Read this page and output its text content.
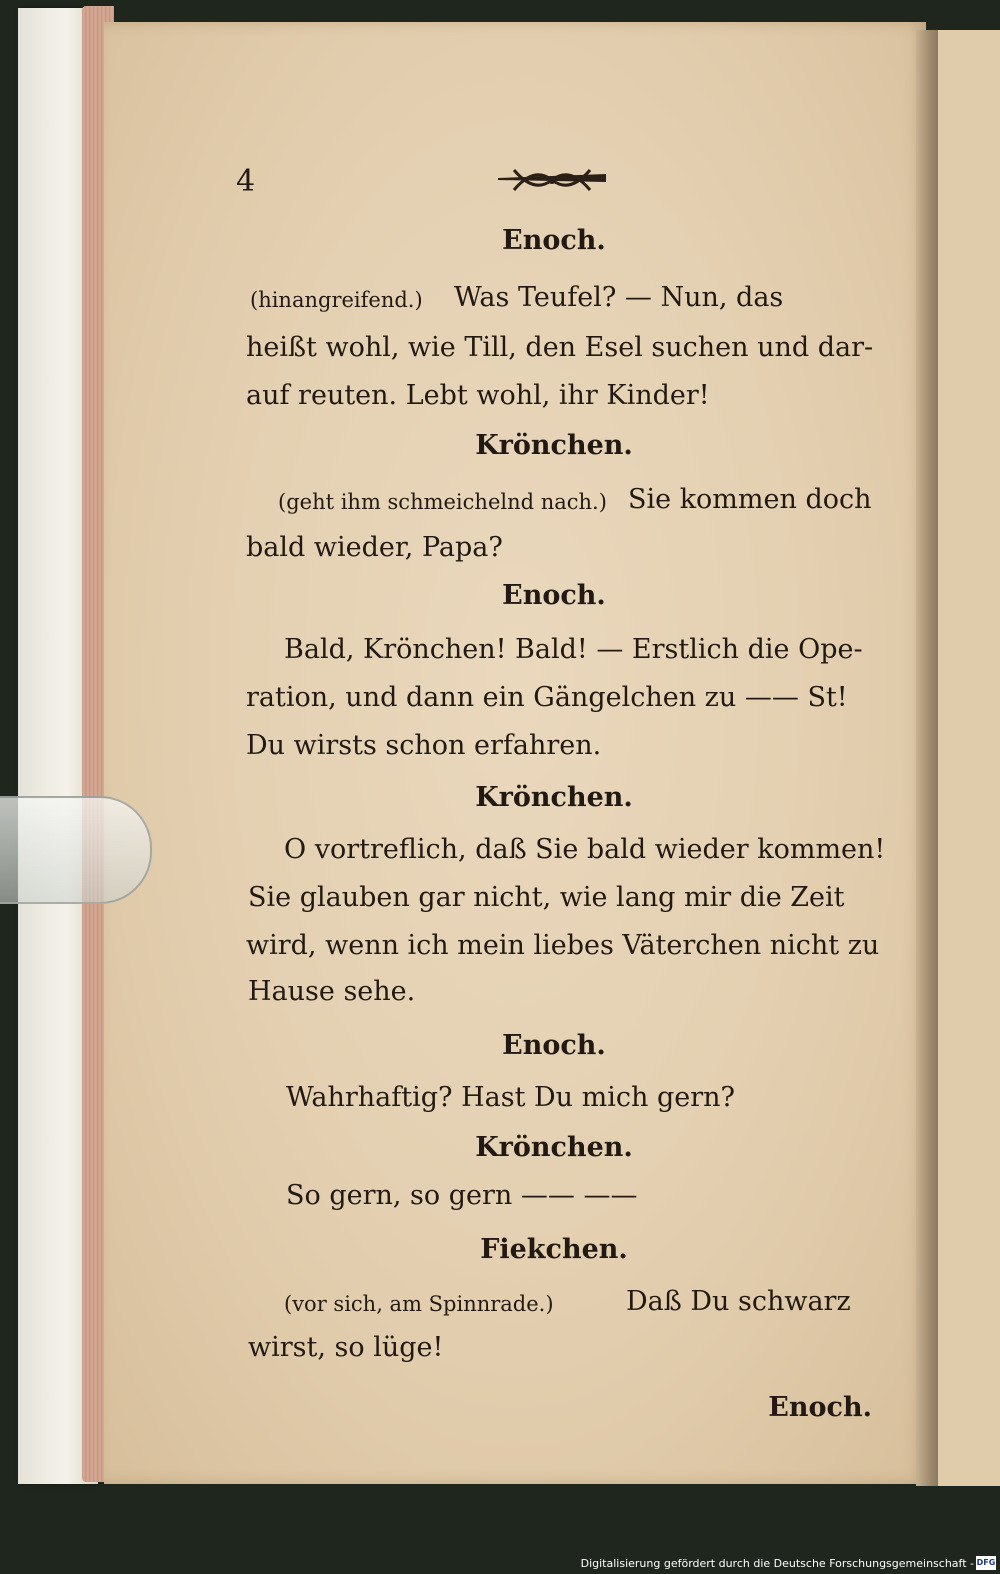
4
Enoch.
(hinangreifend.) Was Teufel? — Nun, das
heißt wohl, wie Till, den Esel suchen und dar-
auf reuten. Lebt wohl, ihr Kinder!
Krönchen.
(geht ihm schmeichelnd nach.) Sie kommen doch
bald wieder, Papa?
Enoch.
Bald, Krönchen! Bald! — Erstlich die Ope-
ration, und dann ein Gängelchen zu —— St!
Du wirsts schon erfahren.
Krönchen.
O vortreflich, daß Sie bald wieder kommen!
Sie glauben gar nicht, wie lang mir die Zeit
wird, wenn ich mein liebes Väterchen nicht zu
Hause sehe.
Enoch.
Wahrhaftig? Hast Du mich gern?
Krönchen.
So gern, so gern —— ——
Fiekchen.
(vor sich, am Spinnrade.)	Daß Du schwarz
wirst, so lüge!
Enoch.
Digitalisierung gefördert durch die Deutsche Forschungsgemeinschaft - DFG
